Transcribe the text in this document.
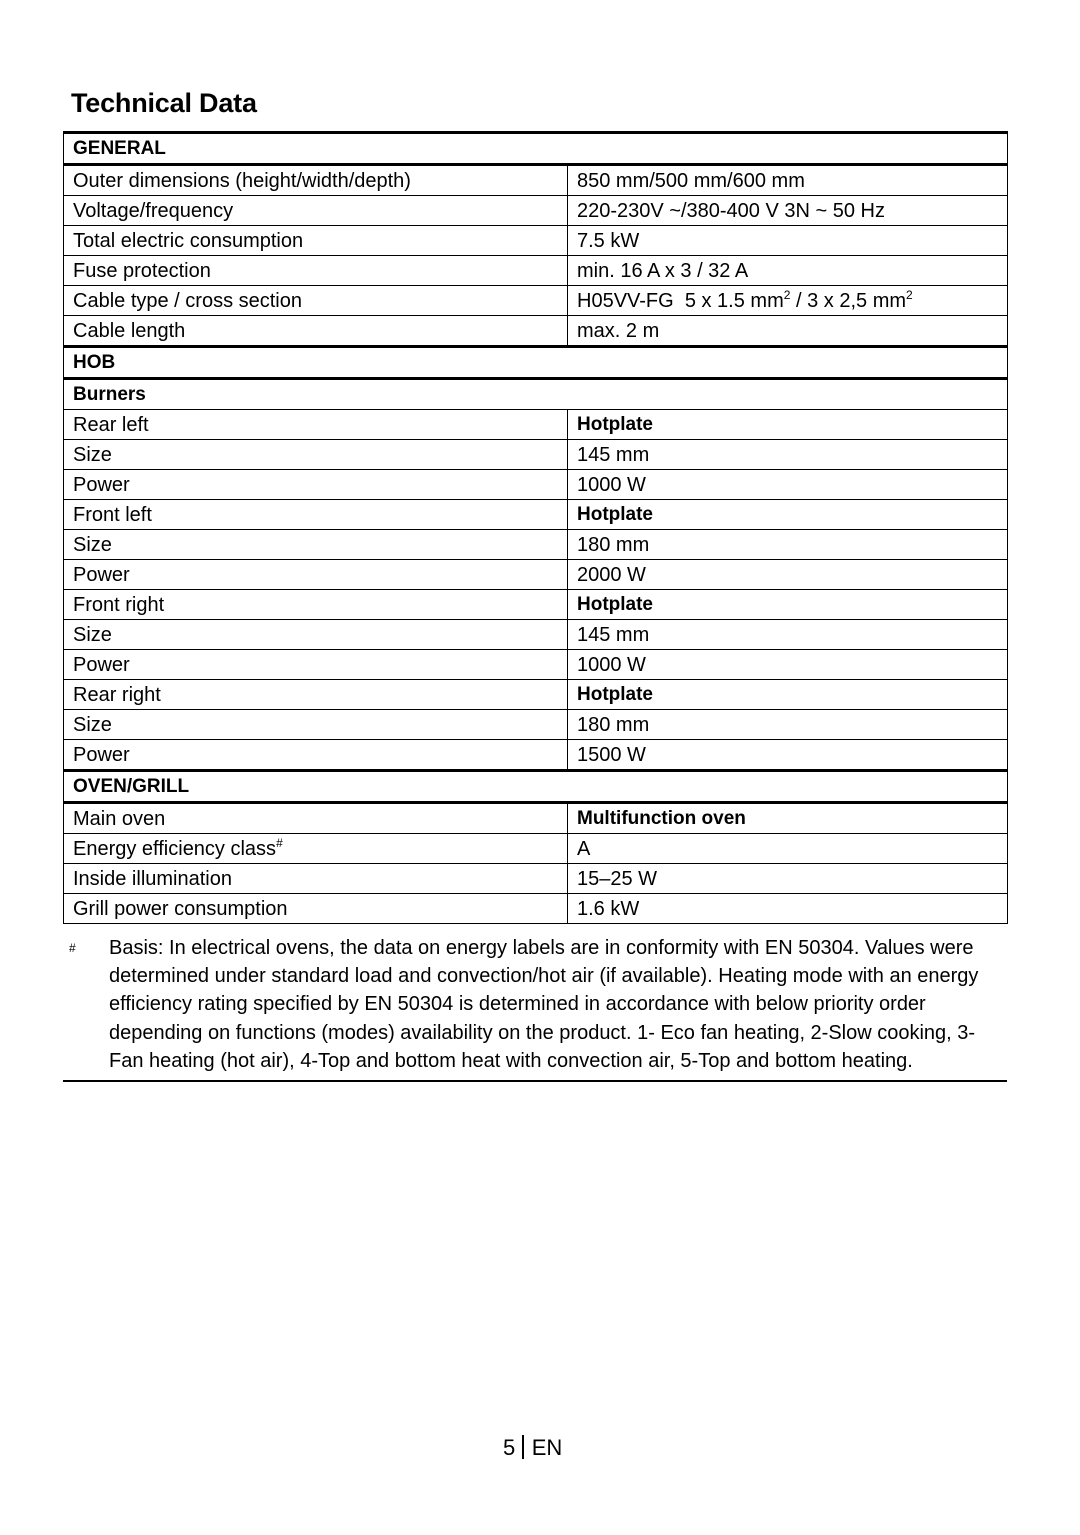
Technical Data
GENERAL	
Outer dimensions (height/width/depth)	850 mm/500 mm/600 mm
Voltage/frequency	220-230V ~/380-400 V 3N ~ 50 Hz
Total electric consumption	7.5 kW
Fuse protection	min. 16 A x 3 / 32 A
Cable type / cross section	H05VV-FG  5 x 1.5 $mm^2 / 3$ x 2,5 $mm^2$
Cable length	max. 2 m
HOB	
Burners	
Rear left	Hotplate
Size	145 mm
Power	1000 W
Front left	Hotplate
Size	180 mm
Power	2000 W
Front right	Hotplate
Size	145 mm
Power	1000 W
Rear right	Hotplate
Size	180 mm
Power	1500 W
OVEN/GRILL	
Main oven	Multifunction oven
Energy efficiency class#	A
Inside illumination	15–25 W
Grill power consumption	1.6 kW
# Basis: In electrical ovens, the data on energy labels are in conformity with EN 50304. Values were determined under standard load and convection/hot air (if available). Heating mode with an energy efficiency rating specified by EN 50304 is determined in accordance with below priority order depending on functions (modes) availability on the product. 1- Eco fan heating, 2-Slow cooking, 3-Fan heating (hot air), 4-Top and bottom heat with convection air, 5-Top and bottom heating.
5 EN
